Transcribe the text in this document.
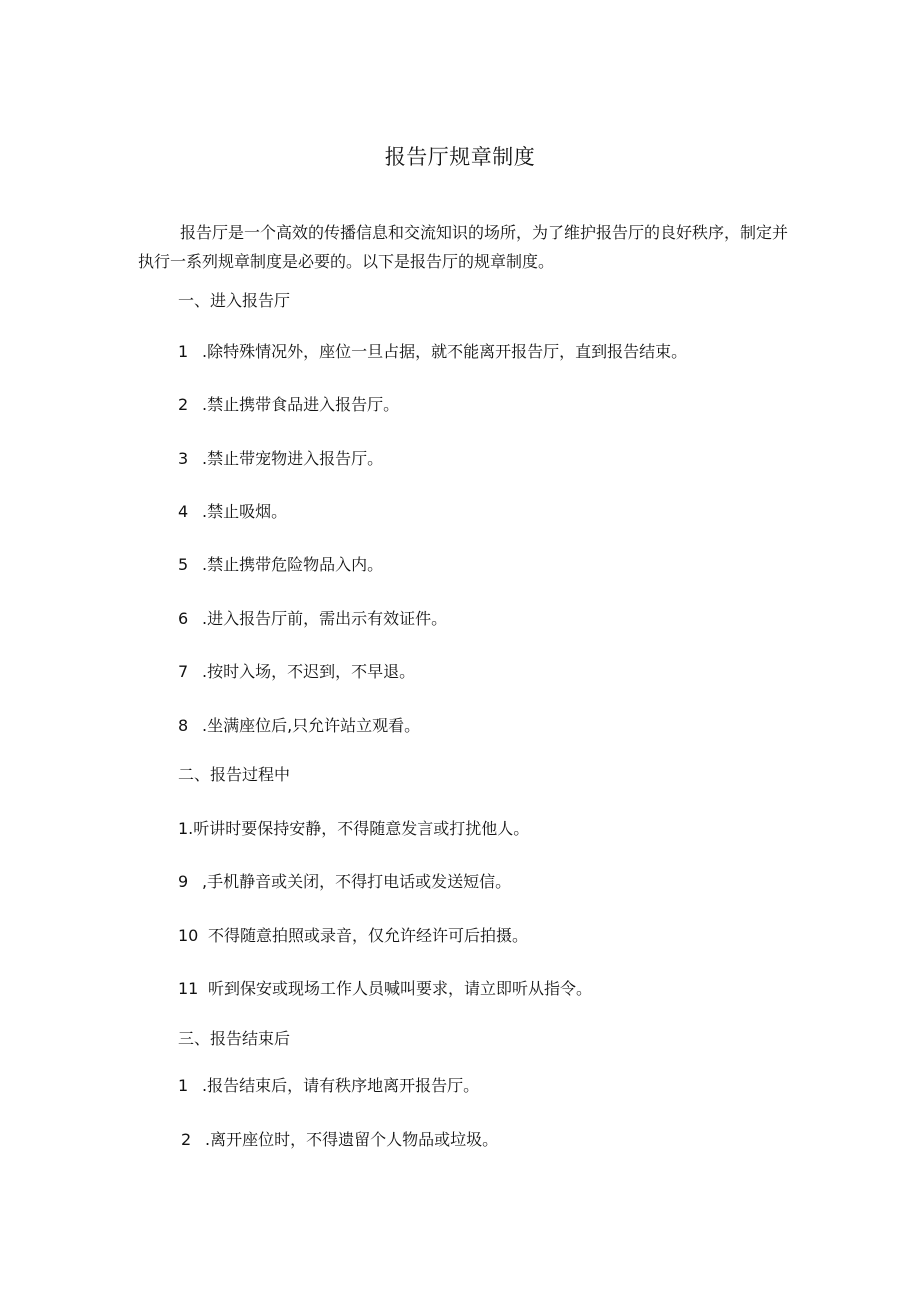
报告厅规章制度
报告厅是一个高效的传播信息和交流知识的场所，为了维护报告厅的良好秩序，制定并执行一系列规章制度是必要的。以下是报告厅的规章制度。
一、进入报告厅
1 .除特殊情况外，座位一旦占据，就不能离开报告厅，直到报告结束。
2 .禁止携带食品进入报告厅。
3 .禁止带宠物进入报告厅。
4 .禁止吸烟。
5 .禁止携带危险物品入内。
6 .进入报告厅前，需出示有效证件。
7 .按时入场，不迟到，不早退。
8 .坐满座位后,只允许站立观看。
二、报告过程中
1.听讲时要保持安静，不得随意发言或打扰他人。
9 ,手机静音或关闭，不得打电话或发送短信。
10 不得随意拍照或录音，仅允许经许可后拍摄。
11 听到保安或现场工作人员喊叫要求，请立即听从指令。
三、报告结束后
1 .报告结束后，请有秩序地离开报告厅。
2 .离开座位时，不得遗留个人物品或垃圾。
